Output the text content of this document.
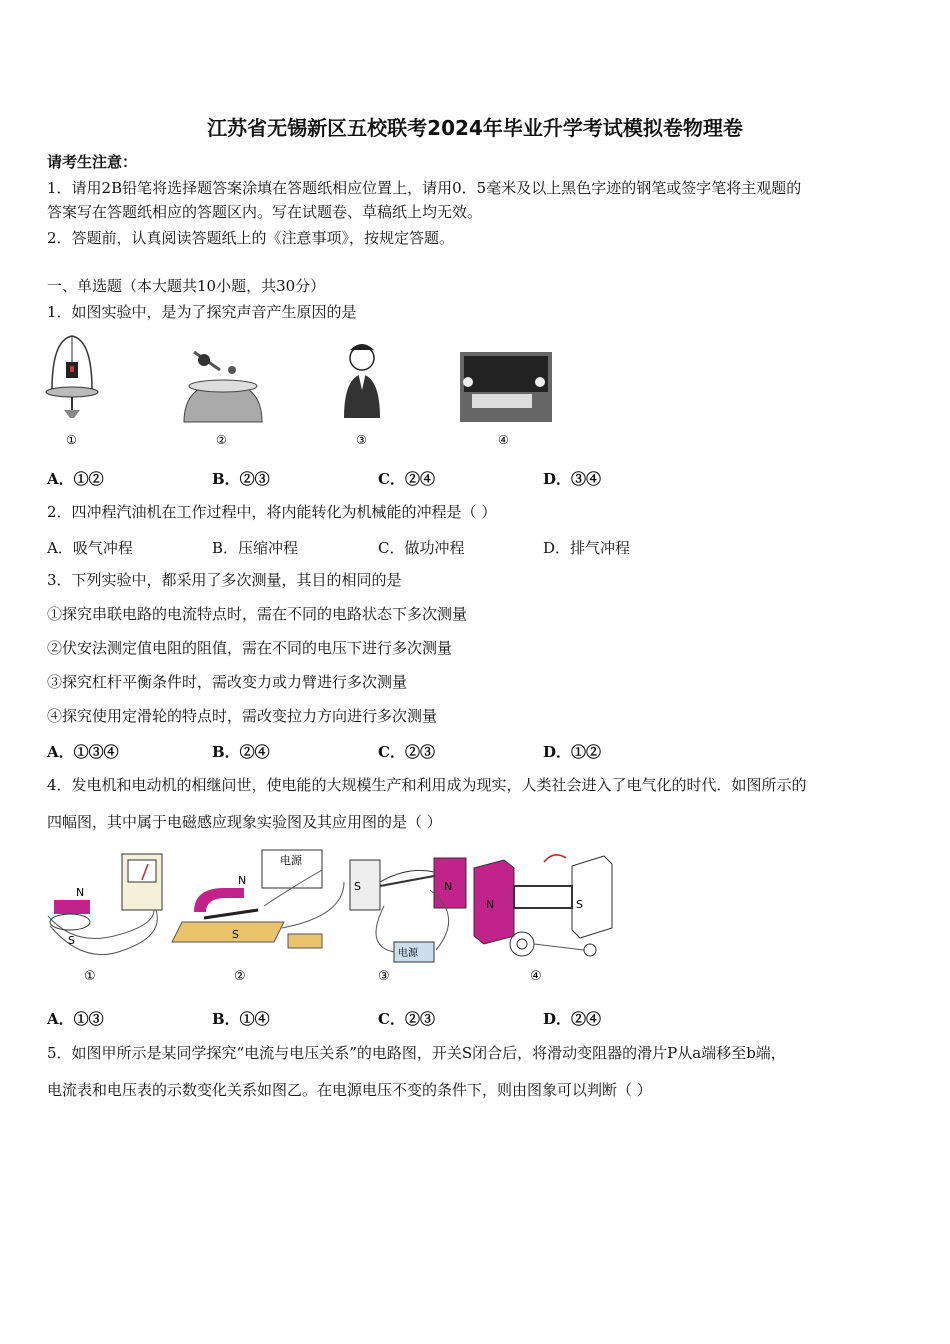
江苏省无锡新区五校联考2024年毕业升学考试模拟卷物理卷
请考生注意：
1．请用2B铅笔将选择题答案涂填在答题纸相应位置上，请用0．5毫米及以上黑色字迹的钢笔或签字笔将主观题的
答案写在答题纸相应的答题区内。写在试题卷、草稿纸上均无效。
2．答题前，认真阅读答题纸上的《注意事项》，按规定答题。
一、单选题（本大题共10小题，共30分）
1．如图实验中，是为了探究声音产生原因的是
①	②	③	④
A．①②	B．②③	C．②④	D．③④
2．四冲程汽油机在工作过程中，将内能转化为机械能的冲程是（ ）
A．吸气冲程	B．压缩冲程	C．做功冲程	D．排气冲程
3．下列实验中，都采用了多次测量，其目的相同的是
①探究串联电路的电流特点时，需在不同的电路状态下多次测量
②伏安法测定值电阻的阻值，需在不同的电压下进行多次测量
③探究杠杆平衡条件时，需改变力或力臂进行多次测量
④探究使用定滑轮的特点时，需改变拉力方向进行多次测量
A．①③④	B．②④	C．②③	D．①②
4．发电机和电动机的相继问世，使电能的大规模生产和利用成为现实，人类社会进入了电气化的时代．如图所示的
四幅图，其中属于电磁感应现象实验图及其应用图的是（ ）
N
S
①
电源
N
S
②
S	N
电源
③
N	S
④
A．①③	B．①④	C．②③	D．②④
5．如图甲所示是某同学探究“电流与电压关系”的电路图，开关S闭合后，将滑动变阻器的滑片P从a端移至b端，
电流表和电压表的示数变化关系如图乙。在电源电压不变的条件下，则由图象可以判断（ ）
